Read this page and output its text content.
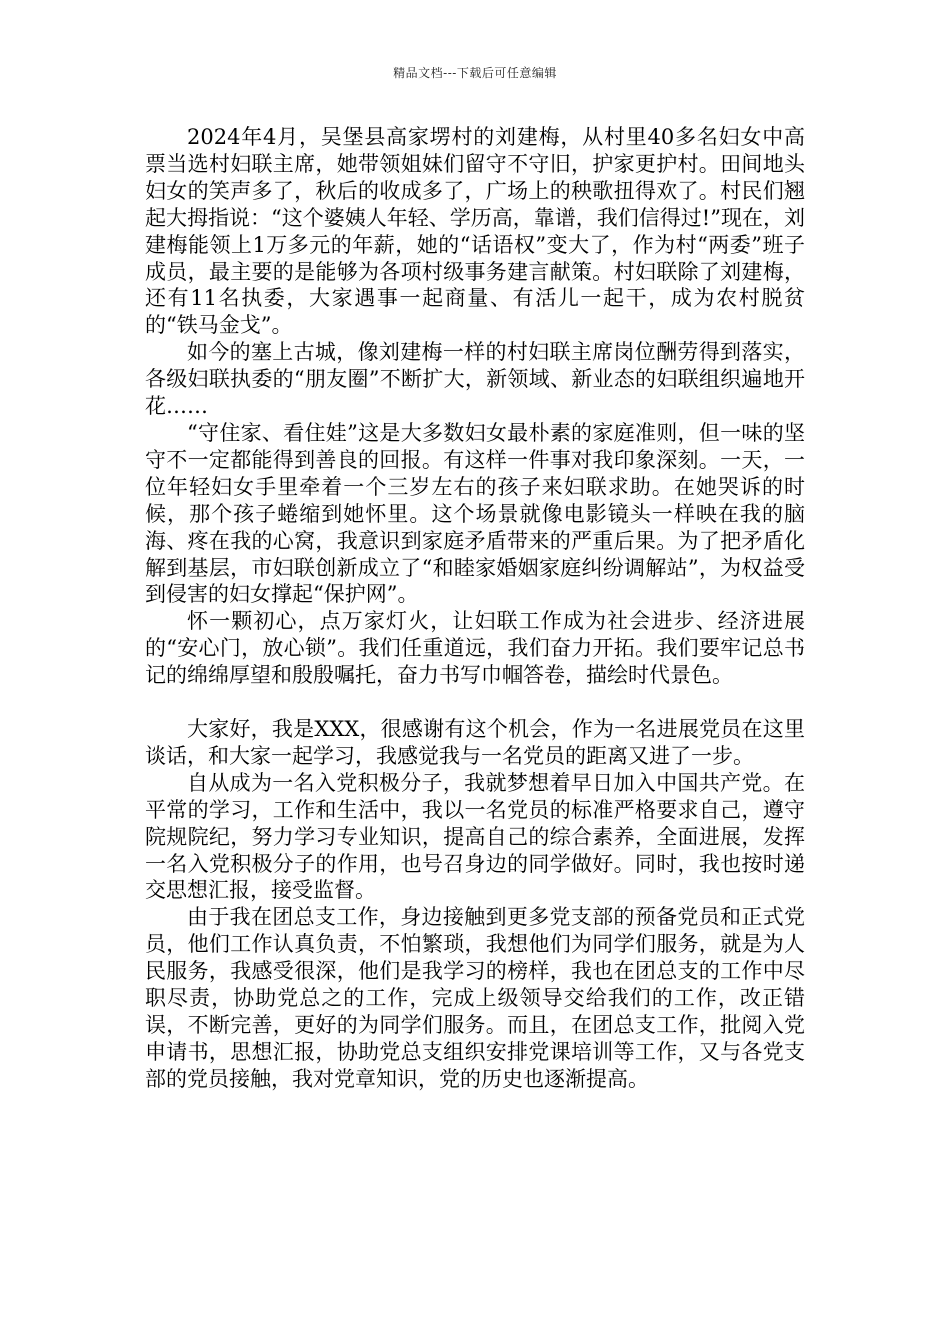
精品文档---下载后可任意编辑

2024年4月，吴堡县高家塄村的刘建梅，从村里40多名妇女中高票当选村妇联主席，她带领姐妹们留守不守旧，护家更护村。田间地头妇女的笑声多了，秋后的收成多了，广场上的秧歌扭得欢了。村民们翘起大拇指说：“这个婆姨人年轻、学历高，靠谱，我们信得过!”现在，刘建梅能领上1万多元的年薪，她的“话语权”变大了，作为村“两委”班子成员，最主要的是能够为各项村级事务建言献策。村妇联除了刘建梅，还有11名执委，大家遇事一起商量、有活儿一起干，成为农村脱贫的“铁马金戈”。

如今的塞上古城，像刘建梅一样的村妇联主席岗位酬劳得到落实，各级妇联执委的“朋友圈”不断扩大，新领域、新业态的妇联组织遍地开花……

“守住家、看住娃”这是大多数妇女最朴素的家庭准则，但一味的坚守不一定都能得到善良的回报。有这样一件事对我印象深刻。一天，一位年轻妇女手里牵着一个三岁左右的孩子来妇联求助。在她哭诉的时候，那个孩子蜷缩到她怀里。这个场景就像电影镜头一样映在我的脑海、疼在我的心窝，我意识到家庭矛盾带来的严重后果。为了把矛盾化解到基层，市妇联创新成立了“和睦家婚姻家庭纠纷调解站”，为权益受到侵害的妇女撑起“保护网”。

怀一颗初心，点万家灯火，让妇联工作成为社会进步、经济进展的“安心门，放心锁”。我们任重道远，我们奋力开拓。我们要牢记总书记的绵绵厚望和殷殷嘱托，奋力书写巾帼答卷，描绘时代景色。

大家好，我是XXX，很感谢有这个机会，作为一名进展党员在这里谈话，和大家一起学习，我感觉我与一名党员的距离又进了一步。

自从成为一名入党积极分子，我就梦想着早日加入中国共产党。在平常的学习，工作和生活中，我以一名党员的标准严格要求自己，遵守院规院纪，努力学习专业知识，提高自己的综合素养，全面进展，发挥一名入党积极分子的作用，也号召身边的同学做好。同时，我也按时递交思想汇报，接受监督。

由于我在团总支工作，身边接触到更多党支部的预备党员和正式党员，他们工作认真负责，不怕繁琐，我想他们为同学们服务，就是为人民服务，我感受很深，他们是我学习的榜样，我也在团总支的工作中尽职尽责，协助党总之的工作，完成上级领导交给我们的工作，改正错误，不断完善，更好的为同学们服务。而且，在团总支工作，批阅入党申请书，思想汇报，协助党总支组织安排党课培训等工作，又与各党支部的党员接触，我对党章知识，党的历史也逐渐提高。
